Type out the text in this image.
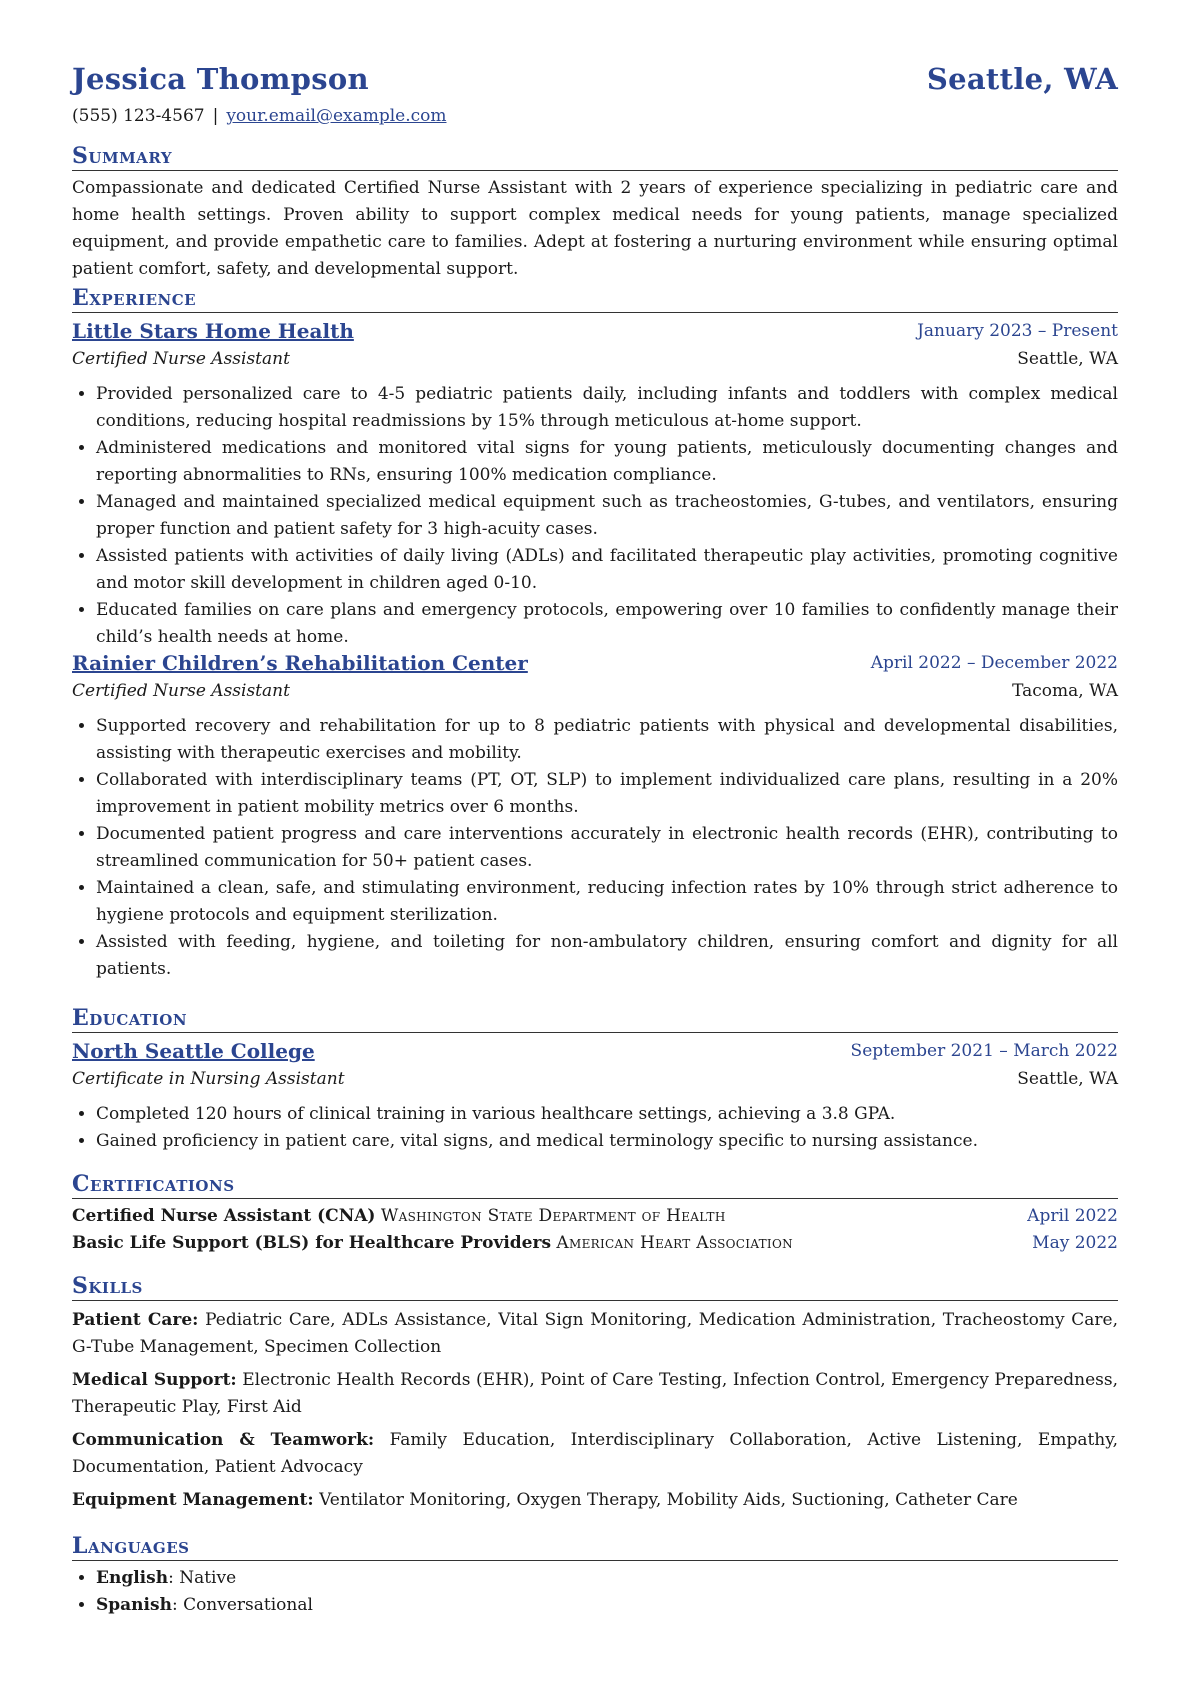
Jessica Thompson	Seattle, WA
(555) 123-4567 | your.email@example.com
Summary
Compassionate and dedicated Certified Nurse Assistant with 2 years of experience specializing in pediatric care and home health settings. Proven ability to support complex medical needs for young patients, manage specialized equipment, and provide empathetic care to families. Adept at fostering a nurturing environment while ensuring optimal patient comfort, safety, and developmental support.
Experience
Little Stars Home Health	January 2023 – Present
Certified Nurse Assistant	Seattle, WA
• Provided personalized care to 4-5 pediatric patients daily, including infants and toddlers with complex medical conditions, reducing hospital readmissions by 15% through meticulous at-home support.
• Administered medications and monitored vital signs for young patients, meticulously documenting changes and reporting abnormalities to RNs, ensuring 100% medication compliance.
• Managed and maintained specialized medical equipment such as tracheostomies, G-tubes, and ventilators, ensuring proper function and patient safety for 3 high-acuity cases.
• Assisted patients with activities of daily living (ADLs) and facilitated therapeutic play activities, promoting cognitive and motor skill development in children aged 0-10.
• Educated families on care plans and emergency protocols, empowering over 10 families to confidently manage their child’s health needs at home.
Rainier Children’s Rehabilitation Center	April 2022 – December 2022
Certified Nurse Assistant	Tacoma, WA
• Supported recovery and rehabilitation for up to 8 pediatric patients with physical and developmental disabilities, assisting with therapeutic exercises and mobility.
• Collaborated with interdisciplinary teams (PT, OT, SLP) to implement individualized care plans, resulting in a 20% improvement in patient mobility metrics over 6 months.
• Documented patient progress and care interventions accurately in electronic health records (EHR), contributing to streamlined communication for 50+ patient cases.
• Maintained a clean, safe, and stimulating environment, reducing infection rates by 10% through strict adherence to hygiene protocols and equipment sterilization.
• Assisted with feeding, hygiene, and toileting for non-ambulatory children, ensuring comfort and dignity for all patients.
Education
North Seattle College	September 2021 – March 2022
Certificate in Nursing Assistant	Seattle, WA
• Completed 120 hours of clinical training in various healthcare settings, achieving a 3.8 GPA.
• Gained proficiency in patient care, vital signs, and medical terminology specific to nursing assistance.
Certifications
Certified Nurse Assistant (CNA) Washington State Department of Health	April 2022
Basic Life Support (BLS) for Healthcare Providers American Heart Association	May 2022
Skills
Patient Care: Pediatric Care, ADLs Assistance, Vital Sign Monitoring, Medication Administration, Tracheostomy Care, G-Tube Management, Specimen Collection
Medical Support: Electronic Health Records (EHR), Point of Care Testing, Infection Control, Emergency Preparedness, Therapeutic Play, First Aid
Communication & Teamwork: Family Education, Interdisciplinary Collaboration, Active Listening, Empathy, Documentation, Patient Advocacy
Equipment Management: Ventilator Monitoring, Oxygen Therapy, Mobility Aids, Suctioning, Catheter Care
Languages
• English: Native
• Spanish: Conversational
